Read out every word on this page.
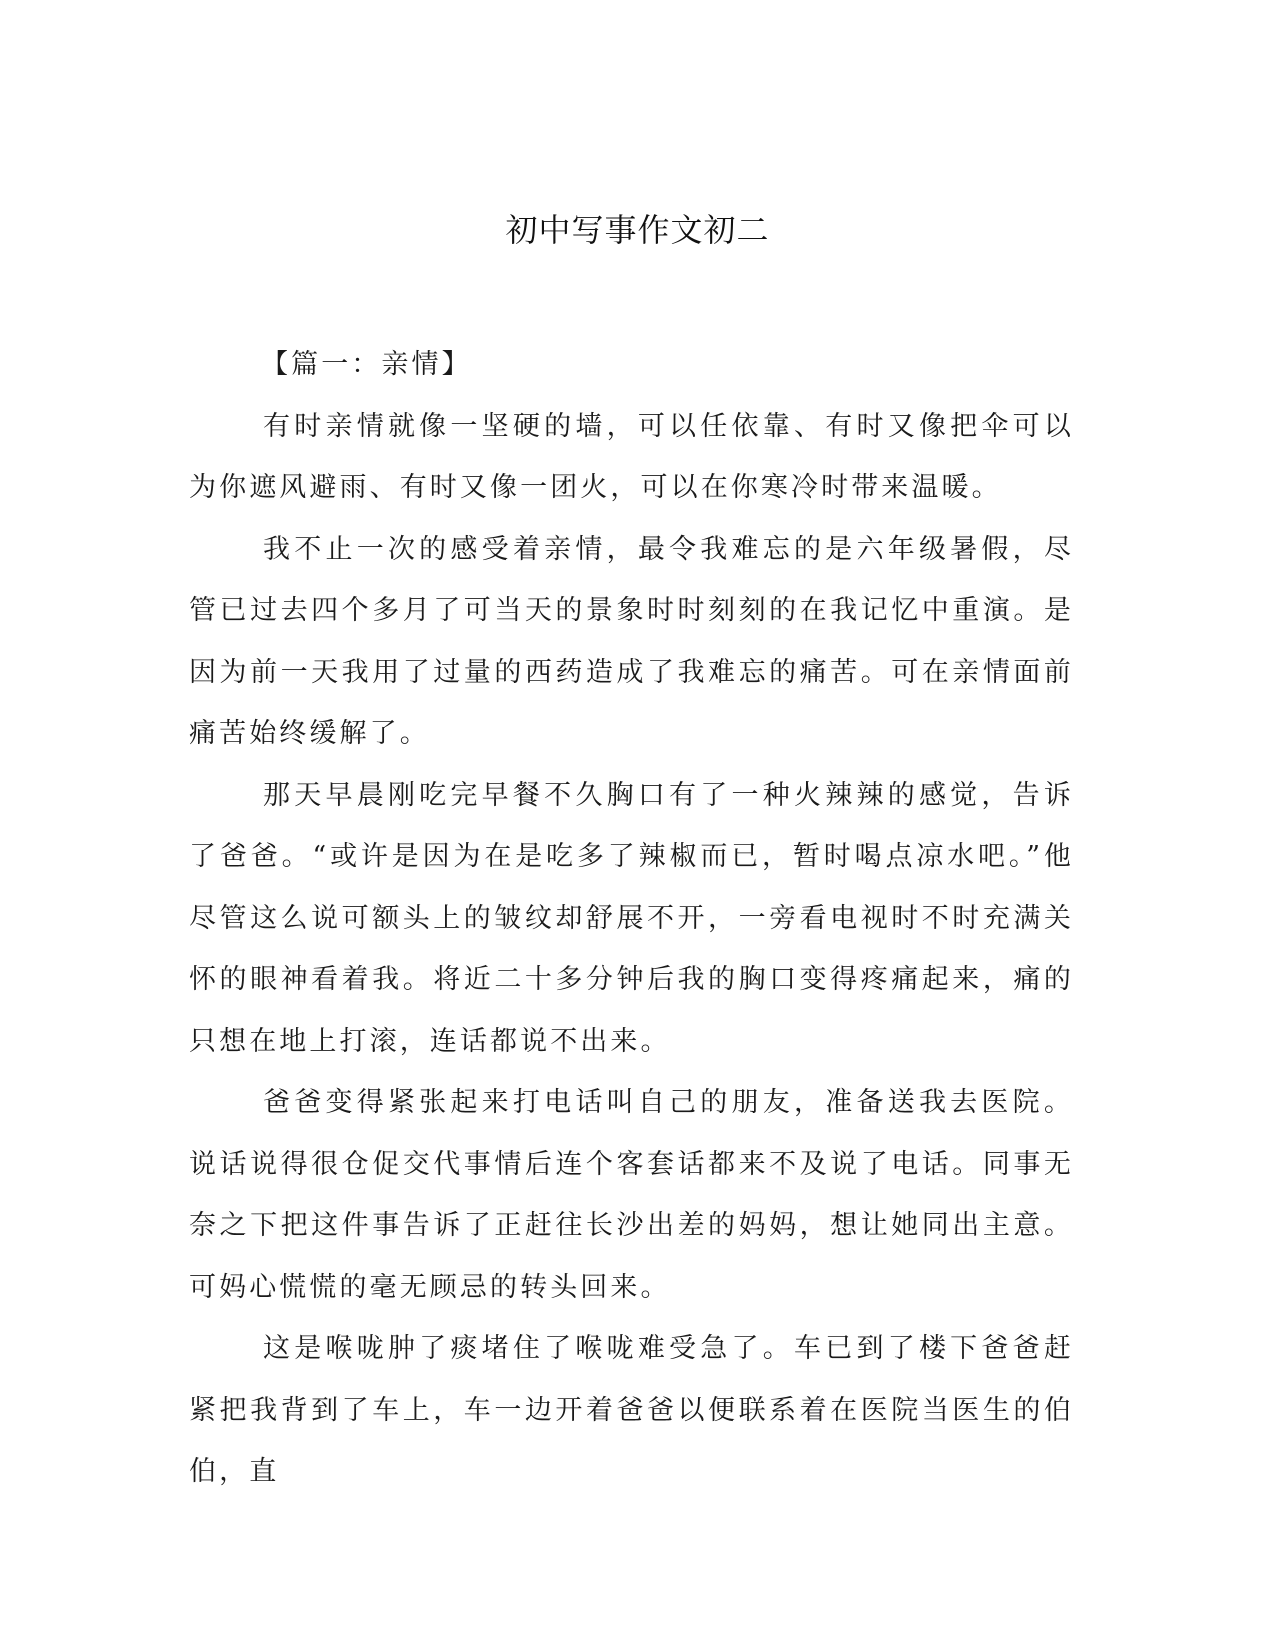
初中写事作文初二

【篇一：亲情】

有时亲情就像一坚硬的墙，可以任依靠、有时又像把伞可以为你遮风避雨、有时又像一团火，可以在你寒冷时带来温暖。

我不止一次的感受着亲情，最令我难忘的是六年级暑假，尽管已过去四个多月了可当天的景象时时刻刻的在我记忆中重演。是因为前一天我用了过量的西药造成了我难忘的痛苦。可在亲情面前痛苦始终缓解了。

那天早晨刚吃完早餐不久胸口有了一种火辣辣的感觉，告诉了爸爸。“或许是因为在是吃多了辣椒而已，暂时喝点凉水吧。”他尽管这么说可额头上的皱纹却舒展不开，一旁看电视时不时充满关怀的眼神看着我。将近二十多分钟后我的胸口变得疼痛起来，痛的只想在地上打滚，连话都说不出来。

爸爸变得紧张起来打电话叫自己的朋友，准备送我去医院。说话说得很仓促交代事情后连个客套话都来不及说了电话。同事无奈之下把这件事告诉了正赶往长沙出差的妈妈，想让她同出主意。可妈心慌慌的毫无顾忌的转头回来。

这是喉咙肿了痰堵住了喉咙难受急了。车已到了楼下爸爸赶紧把我背到了车上，车一边开着爸爸以便联系着在医院当医生的伯伯，直
